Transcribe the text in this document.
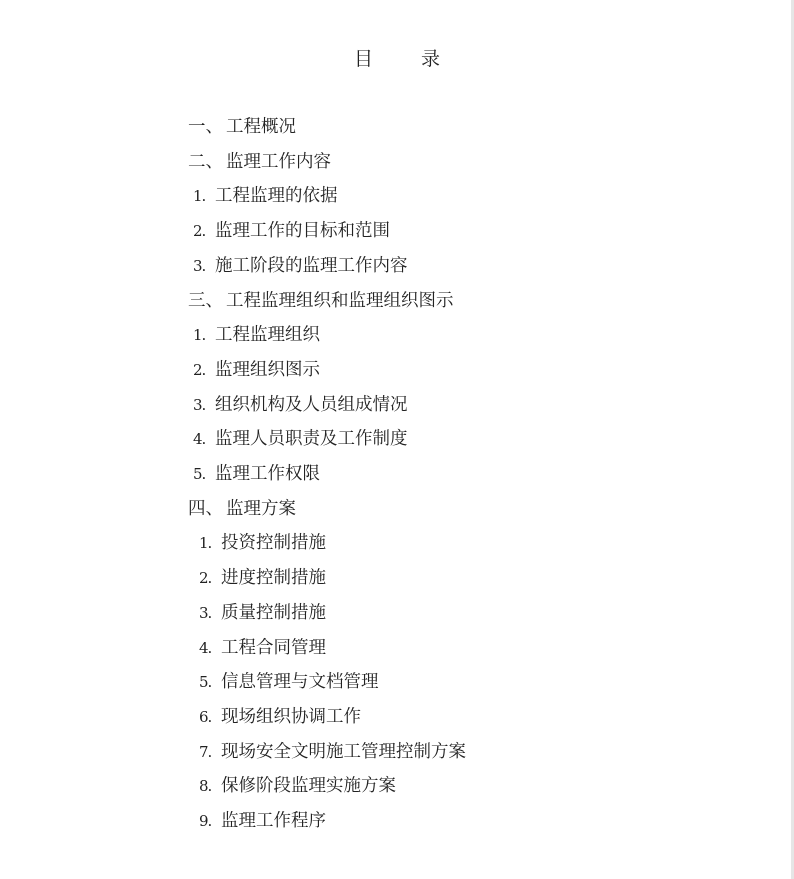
目	录
一、 工程概况
二、 监理工作内容
1. 工程监理的依据
2. 监理工作的目标和范围
3. 施工阶段的监理工作内容
三、 工程监理组织和监理组织图示
1. 工程监理组织
2. 监理组织图示
3. 组织机构及人员组成情况
4. 监理人员职责及工作制度
5. 监理工作权限
四、 监理方案
1. 投资控制措施
2. 进度控制措施
3. 质量控制措施
4. 工程合同管理
5. 信息管理与文档管理
6. 现场组织协调工作
7. 现场安全文明施工管理控制方案
8. 保修阶段监理实施方案
9. 监理工作程序
